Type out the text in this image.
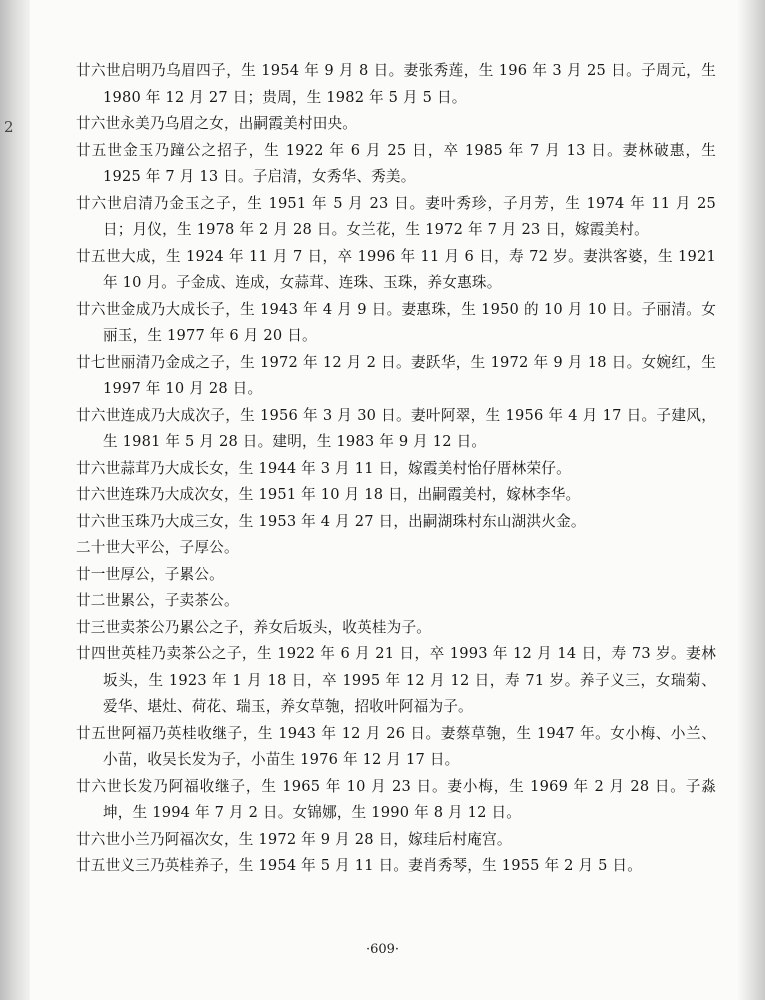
2
廿六世启明乃乌眉四子，生 1954 年 9 月 8 日。妻张秀莲，生 196 年 3 月 25 日。子周元，生 1980 年 12 月 27 日；贵周，生 1982 年 5 月 5 日。
廿六世永美乃乌眉之女，出嗣霞美村田央。
廿五世金玉乃蹱公之招子，生 1922 年 6 月 25 日，卒 1985 年 7 月 13 日。妻林破惠，生 1925 年 7 月 13 日。子启清，女秀华、秀美。
廿六世启清乃金玉之子，生 1951 年 5 月 23 日。妻叶秀珍，子月芳，生 1974 年 11 月 25 日；月仪，生 1978 年 2 月 28 日。女兰花，生 1972 年 7 月 23 日，嫁霞美村。
廿五世大成，生 1924 年 11 月 7 日，卒 1996 年 11 月 6 日，寿 72 岁。妻洪客婆，生 1921 年 10 月。子金成、连成，女蒜茸、连珠、玉珠，养女惠珠。
廿六世金成乃大成长子，生 1943 年 4 月 9 日。妻惠珠，生 1950 的 10 月 10 日。子丽清。女丽玉，生 1977 年 6 月 20 日。
廿七世丽清乃金成之子，生 1972 年 12 月 2 日。妻跃华，生 1972 年 9 月 18 日。女婉红，生 1997 年 10 月 28 日。
廿六世连成乃大成次子，生 1956 年 3 月 30 日。妻叶阿翠，生 1956 年 4 月 17 日。子建风，生 1981 年 5 月 28 日。建明，生 1983 年 9 月 12 日。
廿六世蒜茸乃大成长女，生 1944 年 3 月 11 日，嫁霞美村怡仔厝林荣仔。
廿六世连珠乃大成次女，生 1951 年 10 月 18 日，出嗣霞美村，嫁林李华。
廿六世玉珠乃大成三女，生 1953 年 4 月 27 日，出嗣湖珠村东山湖洪火金。
二十世大平公，子厚公。
廿一世厚公，子累公。
廿二世累公，子卖茶公。
廿三世卖茶公乃累公之子，养女后坂头，收英桂为子。
廿四世英桂乃卖茶公之子，生 1922 年 6 月 21 日，卒 1993 年 12 月 14 日，寿 73 岁。妻林坂头，生 1923 年 1 月 18 日，卒 1995 年 12 月 12 日，寿 71 岁。养子义三，女瑞菊、爱华、堪灶、荷花、瑞玉，养女草匏，招收叶阿福为子。
廿五世阿福乃英桂收继子，生 1943 年 12 月 26 日。妻蔡草匏，生 1947 年。女小梅、小兰、小苗，收吴长发为子，小苗生 1976 年 12 月 17 日。
廿六世长发乃阿福收继子，生 1965 年 10 月 23 日。妻小梅，生 1969 年 2 月 28 日。子淼坤，生 1994 年 7 月 2 日。女锦娜，生 1990 年 8 月 12 日。
廿六世小兰乃阿福次女，生 1972 年 9 月 28 日，嫁珪后村庵宫。
廿五世义三乃英桂养子，生 1954 年 5 月 11 日。妻肖秀琴，生 1955 年 2 月 5 日。
·609·
